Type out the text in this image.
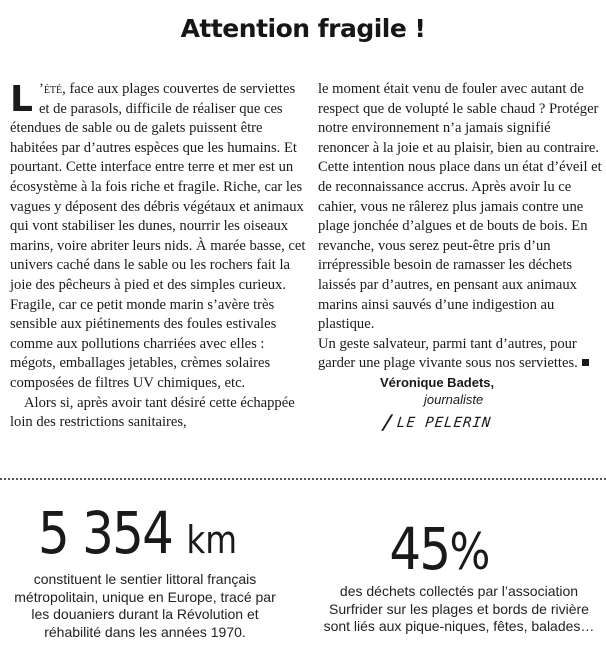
Attention fragile !

L ’été, face aux plages couvertes de serviettes et de parasols, difficile de réaliser que ces étendues de sable ou de galets puissent être habitées par d’autres espèces que les humains. Et pourtant. Cette interface entre terre et mer est un écosystème à la fois riche et fragile. Riche, car les vagues y déposent des débris végétaux et animaux qui vont stabiliser les dunes, nourrir les oiseaux marins, voire abriter leurs nids. À marée basse, cet univers caché dans le sable ou les rochers fait la joie des pêcheurs à pied et des simples curieux. Fragile, car ce petit monde marin s’avère très sensible aux piétinements des foules estivales comme aux pollutions charriées avec elles : mégots, emballages jetables, crèmes solaires composées de filtres UV chimiques, etc.

Alors si, après avoir tant désiré cette échappée loin des restrictions sanitaires,

le moment était venu de fouler avec autant de respect que de volupté le sable chaud ? Protéger notre environnement n’a jamais signifié renoncer à la joie et au plaisir, bien au contraire. Cette intention nous place dans un état d’éveil et de reconnaissance accrus. Après avoir lu ce cahier, vous ne râlerez plus jamais contre une plage jonchée d’algues et de bouts de bois. En revanche, vous serez peut-être pris d’un irrépressible besoin de ramasser les déchets laissés par d’autres, en pensant aux animaux marins ainsi sauvés d’une indigestion au plastique.

Un geste salvateur, parmi tant d’autres, pour garder une plage vivante sous nos serviettes.

Véronique Badets,
journaliste
/LE PELERIN
5 354 km
constituent le sentier littoral français métropolitain, unique en Europe, tracé par les douaniers durant la Révolution et réhabilité dans les années 1970.
45%
des déchets collectés par l’association Surfrider sur les plages et bords de rivière sont liés aux pique-niques, fêtes, balades…
